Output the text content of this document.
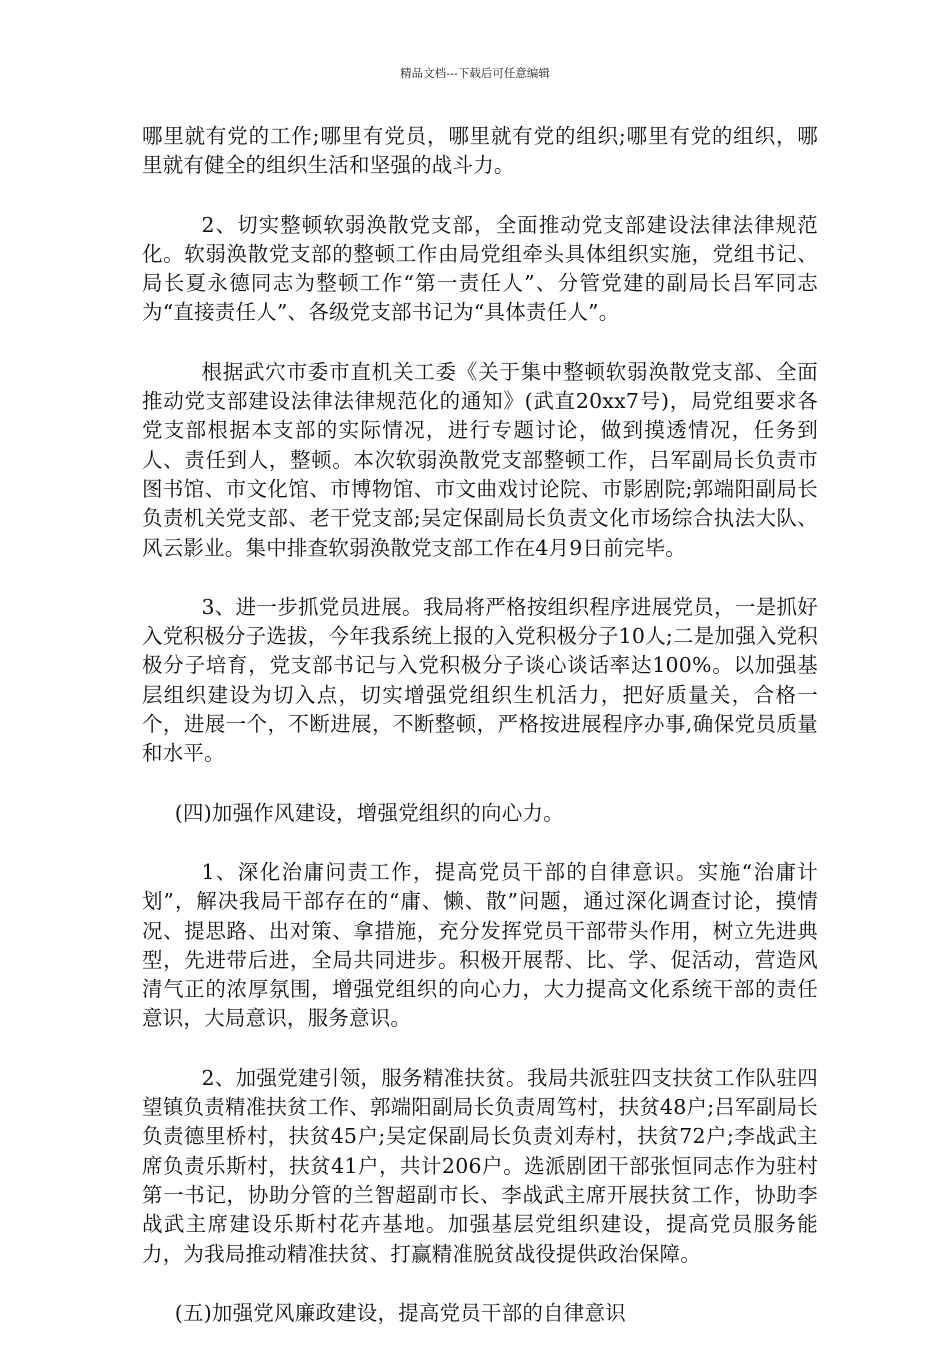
精品文档---下载后可任意编辑

哪里就有党的工作;哪里有党员，哪里就有党的组织;哪里有党的组织，哪里就有健全的组织生活和坚强的战斗力。

2、切实整顿软弱涣散党支部，全面推动党支部建设法律法律规范化。软弱涣散党支部的整顿工作由局党组牵头具体组织实施，党组书记、局长夏永德同志为整顿工作“第一责任人”、分管党建的副局长吕军同志为“直接责任人”、各级党支部书记为“具体责任人”。

根据武穴市委市直机关工委《关于集中整顿软弱涣散党支部、全面推动党支部建设法律法律规范化的通知》(武直20xx7号)，局党组要求各党支部根据本支部的实际情况，进行专题讨论，做到摸透情况，任务到人、责任到人，整顿。本次软弱涣散党支部整顿工作，吕军副局长负责市图书馆、市文化馆、市博物馆、市文曲戏讨论院、市影剧院;郭端阳副局长负责机关党支部、老干党支部;吴定保副局长负责文化市场综合执法大队、风云影业。集中排查软弱涣散党支部工作在4月9日前完毕。

3、进一步抓党员进展。我局将严格按组织程序进展党员，一是抓好入党积极分子选拔，今年我系统上报的入党积极分子10人;二是加强入党积极分子培育，党支部书记与入党积极分子谈心谈话率达100%。以加强基层组织建设为切入点，切实增强党组织生机活力，把好质量关，合格一个，进展一个，不断进展，不断整顿，严格按进展程序办事,确保党员质量和水平。

(四)加强作风建设，增强党组织的向心力。

1、深化治庸问责工作，提高党员干部的自律意识。实施“治庸计划”，解决我局干部存在的“庸、懒、散”问题，通过深化调查讨论，摸情况、提思路、出对策、拿措施，充分发挥党员干部带头作用，树立先进典型，先进带后进，全局共同进步。积极开展帮、比、学、促活动，营造风清气正的浓厚氛围，增强党组织的向心力，大力提高文化系统干部的责任意识，大局意识，服务意识。

2、加强党建引领，服务精准扶贫。我局共派驻四支扶贫工作队驻四望镇负责精准扶贫工作、郭端阳副局长负责周笃村，扶贫48户;吕军副局长负责德里桥村，扶贫45户;吴定保副局长负责刘寿村，扶贫72户;李战武主席负责乐斯村，扶贫41户，共计206户。选派剧团干部张恒同志作为驻村第一书记，协助分管的兰智超副市长、李战武主席开展扶贫工作，协助李战武主席建设乐斯村花卉基地。加强基层党组织建设，提高党员服务能力，为我局推动精准扶贫、打赢精准脱贫战役提供政治保障。

(五)加强党风廉政建设，提高党员干部的自律意识
